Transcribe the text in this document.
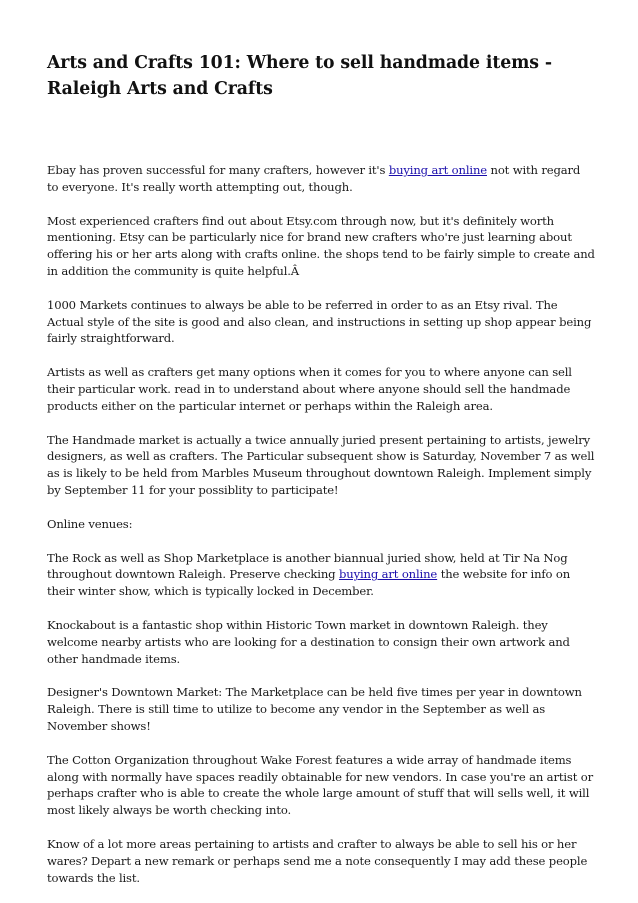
Arts and Crafts 101: Where to sell handmade items - Raleigh Arts and Crafts

Ebay has proven successful for many crafters, however it's buying art online not with regard to everyone. It's really worth attempting out, though.

Most experienced crafters find out about Etsy.com through now, but it's definitely worth mentioning. Etsy can be particularly nice for brand new crafters who're just learning about offering his or her arts along with crafts online. the shops tend to be fairly simple to create and in addition the community is quite helpful.Â

1000 Markets continues to always be able to be referred in order to as an Etsy rival. The Actual style of the site is good and also clean, and instructions in setting up shop appear being fairly straightforward.

Artists as well as crafters get many options when it comes for you to where anyone can sell their particular work. read in to understand about where anyone should sell the handmade products either on the particular internet or perhaps within the Raleigh area.

The Handmade market is actually a twice annually juried present pertaining to artists, jewelry designers, as well as crafters. The Particular subsequent show is Saturday, November 7 as well as is likely to be held from Marbles Museum throughout downtown Raleigh. Implement simply by September 11 for your possiblity to participate!

Online venues:

The Rock as well as Shop Marketplace is another biannual juried show, held at Tir Na Nog throughout downtown Raleigh. Preserve checking buying art online the website for info on their winter show, which is typically locked in December.

Knockabout is a fantastic shop within Historic Town market in downtown Raleigh. they welcome nearby artists who are looking for a destination to consign their own artwork and other handmade items.

Designer's Downtown Market: The Marketplace can be held five times per year in downtown Raleigh. There is still time to utilize to become any vendor in the September as well as November shows!

The Cotton Organization throughout Wake Forest features a wide array of handmade items along with normally have spaces readily obtainable for new vendors. In case you're an artist or perhaps crafter who is able to create the whole large amount of stuff that will sells well, it will most likely always be worth checking into.

Know of a lot more areas pertaining to artists and crafter to always be able to sell his or her wares? Depart a new remark or perhaps send me a note consequently I may add these people towards the list.
